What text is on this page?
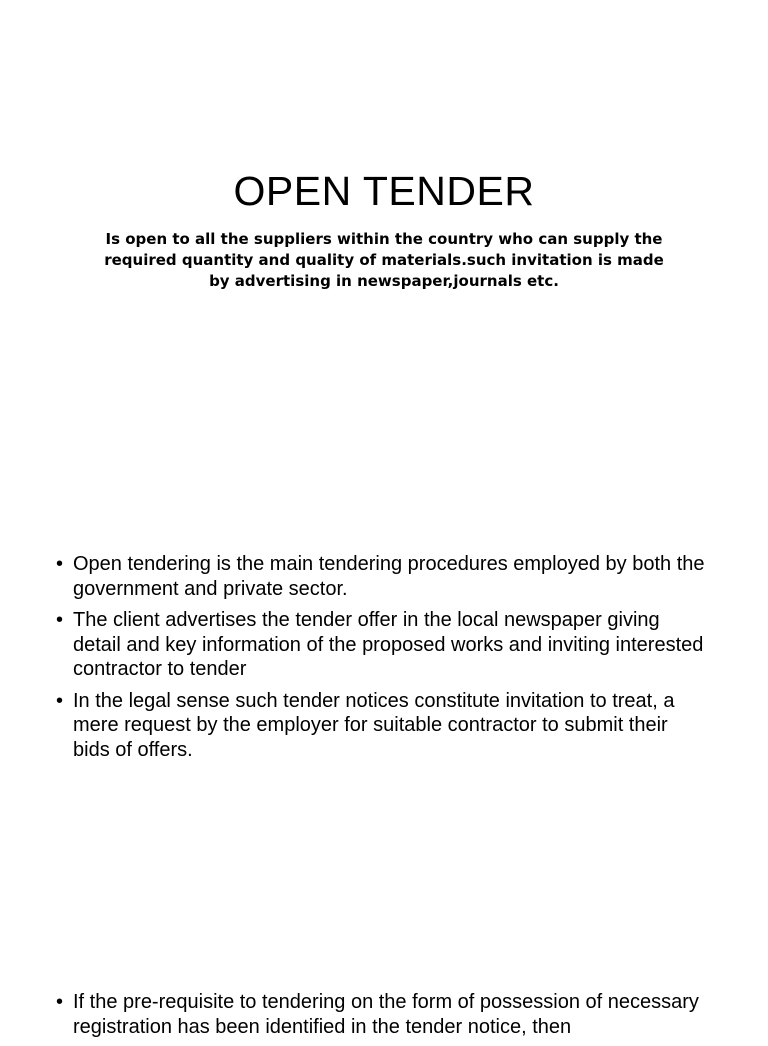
OPEN TENDER

Is open to all the suppliers within the country who can supply the required quantity and quality of materials.such invitation is made by advertising in newspaper,journals etc.

• Open tendering is the main tendering procedures employed by both the government and private sector.
• The client advertises the tender offer in the local newspaper giving detail and key information of the proposed works and inviting interested contractor to tender
• In the legal sense such tender notices constitute invitation to treat, a mere request by the employer for suitable contractor to submit their bids of offers.
• If the pre-requisite to tendering on the form of possession of necessary registration has been identified in the tender notice, then
